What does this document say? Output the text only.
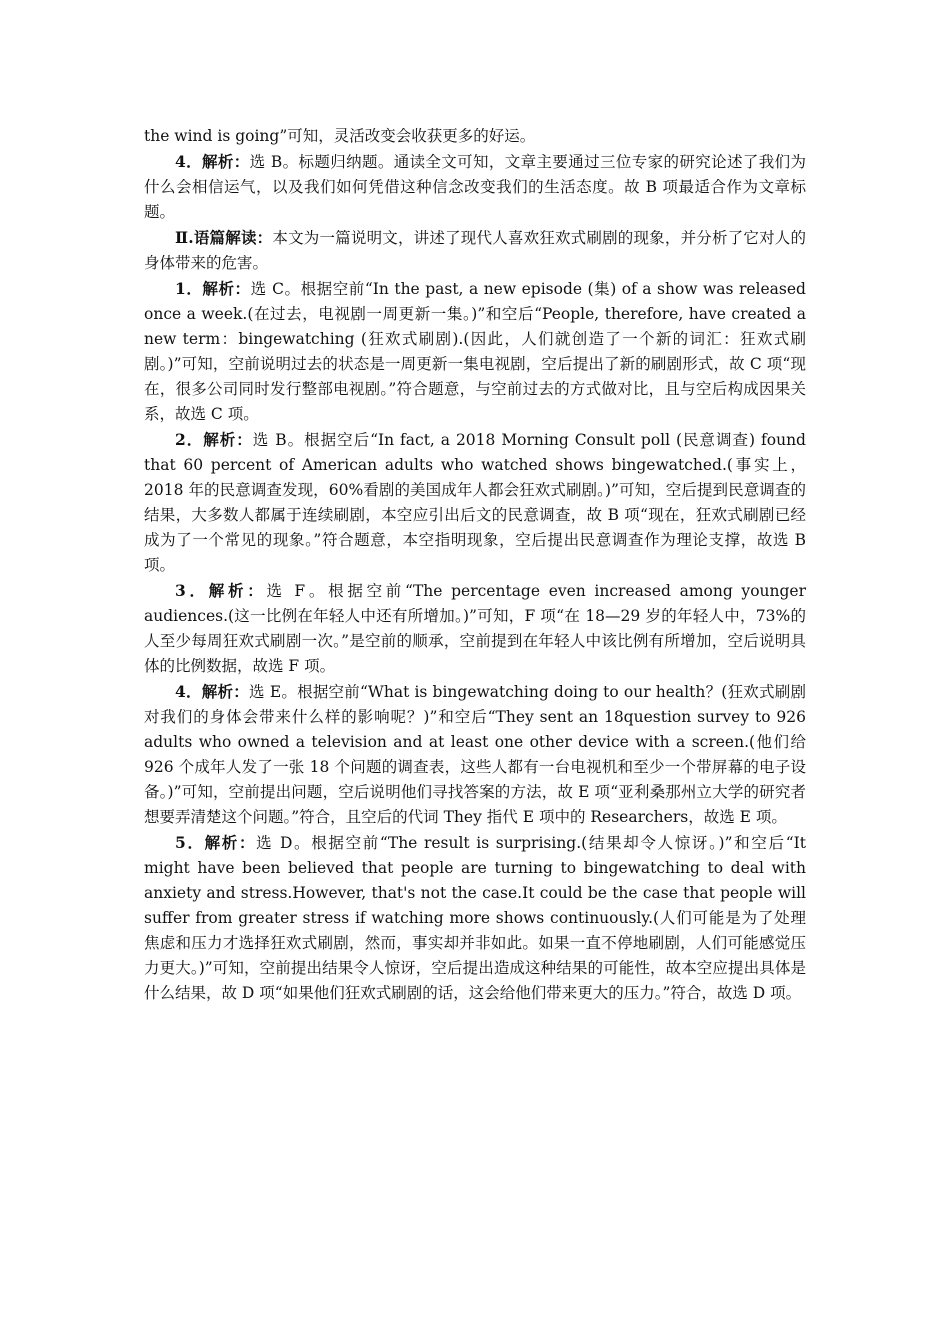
the wind is going”可知，灵活改变会收获更多的好运。

4．解析：选 B。标题归纳题。通读全文可知，文章主要通过三位专家的研究论述了我们为什么会相信运气，以及我们如何凭借这种信念改变我们的生活态度。故 B 项最适合作为文章标题。

Ⅱ.语篇解读：本文为一篇说明文，讲述了现代人喜欢狂欢式刷剧的现象，并分析了它对人的身体带来的危害。

1．解析：选 C。根据空前“In the past, a new episode (集) of a show was released once a week.(在过去，电视剧一周更新一集。)”和空后“People, therefore, have created a new term：bingewatching (狂欢式刷剧).(因此，人们就创造了一个新的词汇：狂欢式刷剧。)”可知，空前说明过去的状态是一周更新一集电视剧，空后提出了新的刷剧形式，故 C 项“现在，很多公司同时发行整部电视剧。”符合题意，与空前过去的方式做对比，且与空后构成因果关系，故选 C 项。

2．解析：选 B。根据空后“In fact, a 2018 Morning Consult poll (民意调查) found that 60 percent of American adults who watched shows bingewatched.(事实上，2018 年的民意调查发现，60%看剧的美国成年人都会狂欢式刷剧。)”可知，空后提到民意调查的结果，大多数人都属于连续刷剧，本空应引出后文的民意调查，故 B 项“现在，狂欢式刷剧已经成为了一个常见的现象。”符合题意，本空指明现象，空后提出民意调查作为理论支撑，故选 B 项。

3．解析：选 F。根据空前“The percentage even increased among younger audiences.(这一比例在年轻人中还有所增加。)”可知，F 项“在 18—29 岁的年轻人中，73%的人至少每周狂欢式刷剧一次。”是空前的顺承，空前提到在年轻人中该比例有所增加，空后说明具体的比例数据，故选 F 项。

4．解析：选 E。根据空前“What is bingewatching doing to our health？(狂欢式刷剧对我们的身体会带来什么样的影响呢？)”和空后“They sent an 18question survey to 926 adults who owned a television and at least one other device with a screen.(他们给 926 个成年人发了一张 18 个问题的调查表，这些人都有一台电视机和至少一个带屏幕的电子设备。)”可知，空前提出问题，空后说明他们寻找答案的方法，故 E 项“亚利桑那州立大学的研究者想要弄清楚这个问题。”符合，且空后的代词 They 指代 E 项中的 Researchers，故选 E 项。

5．解析：选 D。根据空前“The result is surprising.(结果却令人惊讶。)”和空后“It might have been believed that people are turning to bingewatching to deal with anxiety and stress.However, that's not the case.It could be the case that people will suffer from greater stress if watching more shows continuously.(人们可能是为了处理焦虑和压力才选择狂欢式刷剧，然而，事实却并非如此。如果一直不停地刷剧，人们可能感觉压力更大。)”可知，空前提出结果令人惊讶，空后提出造成这种结果的可能性，故本空应提出具体是什么结果，故 D 项“如果他们狂欢式刷剧的话，这会给他们带来更大的压力。”符合，故选 D 项。
